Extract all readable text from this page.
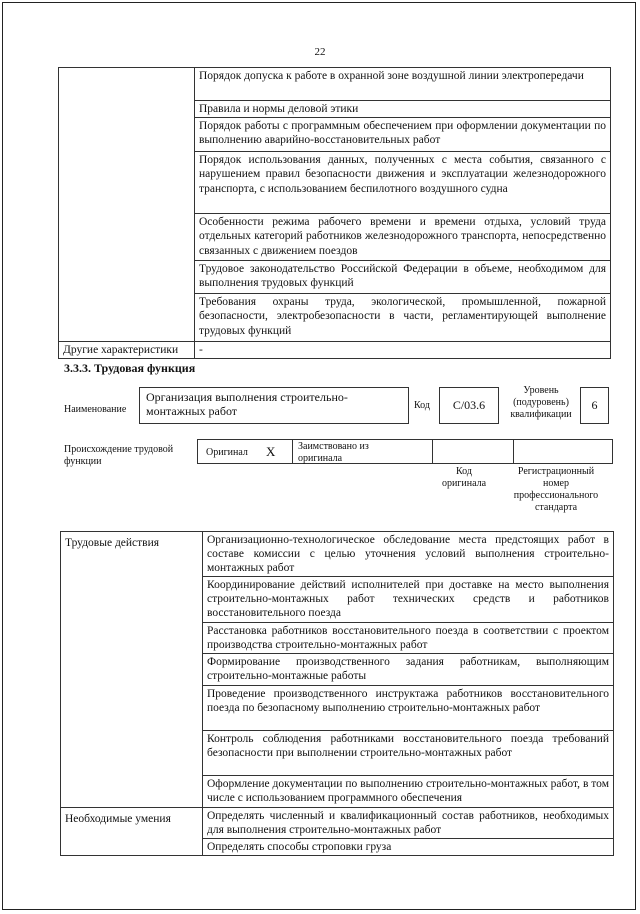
22
	Порядок допуска к работе в охранной зоне воздушной линии электропередачи
	Правила и нормы деловой этики
	Порядок работы с программным обеспечением при оформлении документации по выполнению аварийно-восстановительных работ
	Порядок использования данных, полученных с места события, связанного с нарушением правил безопасности движения и эксплуатации железнодорожного транспорта, с использованием беспилотного воздушного судна
	Особенности режима рабочего времени и времени отдыха, условий труда отдельных категорий работников железнодорожного транспорта, непосредственно связанных с движением поездов
	Трудовое законодательство Российской Федерации в объеме, необходимом для выполнения трудовых функций
	Требования охраны труда, экологической, промышленной, пожарной безопасности, электробезопасности в части, регламентирующей выполнение трудовых функций
Другие характеристики	-
3.3.3. Трудовая функция
Наименование
Организация выполнения строительно-монтажных работ	Код	С/03.6
Уровень (подуровень) квалификации
6
Происхождение трудовой функции
Оригинал X Заимствовано из оригинала
Код оригинала
Регистрационный номер профессионального стандарта
Трудовые действия	Организационно-технологическое обследование места предстоящих работ в составе комиссии с целью уточнения условий выполнения строительно-монтажных работ
	Координирование действий исполнителей при доставке на место выполнения строительно-монтажных работ технических средств и работников восстановительного поезда
	Расстановка работников восстановительного поезда в соответствии с проектом производства строительно-монтажных работ
	Формирование производственного задания работникам, выполняющим строительно-монтажные работы
	Проведение производственного инструктажа работников восстановительного поезда по безопасному выполнению строительно-монтажных работ
	Контроль соблюдения работниками восстановительного поезда требований безопасности при выполнении строительно-монтажных работ
	Оформление документации по выполнению строительно-монтажных работ, в том числе с использованием программного обеспечения
Необходимые умения	Определять численный и квалификационный состав работников, необходимых для выполнения строительно-монтажных работ
	Определять способы строповки груза
